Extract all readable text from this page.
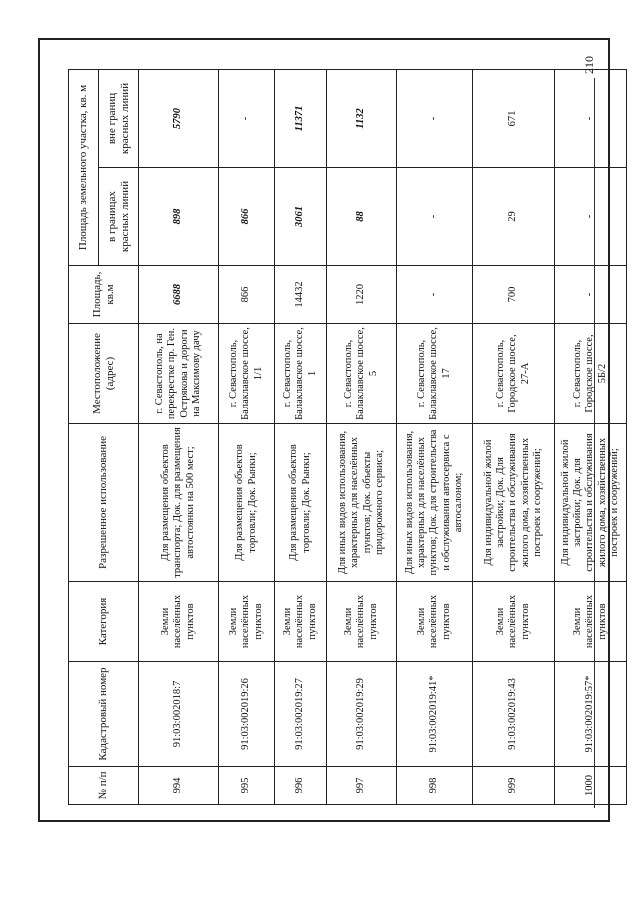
210
№ п/п	Кадастровый номер	Категория	Разрешенное использование	Местоположение (адрес)	Площадь, кв.м	Площадь земельного участка, кв. м	
						в границах красных линий	вне границ красных линий
994	91:03:002018:7	Земли населённых пунктов	Для размещения объектов транспорта; Док. для размещения автостоянки на 500 мест;	г. Севастополь, на перекрестке пр. Ген. Острякова и дороги на Максимову дачу	6688	898	5790
995	91:03:002019:26	Земли населённых пунктов	Для размещения объектов торговли; Док. Рынки;	г. Севастополь, Балаклавское шоссе, 1/1	866	866	-
996	91:03:002019:27	Земли населённых пунктов	Для размещения объектов торговли; Док. Рынки;	г. Севастополь, Балаклавское шоссе, 1	14432	3061	11371
997	91:03:002019:29	Земли населённых пунктов	Для иных видов использования, характерных для населённых пунктов; Док. объекты придорожного сервиса;	г. Севастополь, Балаклавское шоссе, 5	1220	88	1132
998	91:03:002019:41*	Земли населённых пунктов	Для иных видов использования, характерных для населённых пунктов; Док. для строительства и обслуживания автосервиса с автосалоном;	г. Севастополь, Балаклавское шоссе, 17	-	-	-
999	91:03:002019:43	Земли населённых пунктов	Для индивидуальной жилой застройки; Док. Для строительства и обслуживания жилого дома, хозяйственных построек и сооружений;	г. Севастополь, Городское шоссе, 27-А	700	29	671
1000	91:03:002019:57*	Земли населённых пунктов	Для индивидуальной жилой застройки; Док. для строительства и обслуживания жилого дома, хозяйственных построек и сооружений;	г. Севастополь, Городское шоссе, 5Б/2	-	-	-
